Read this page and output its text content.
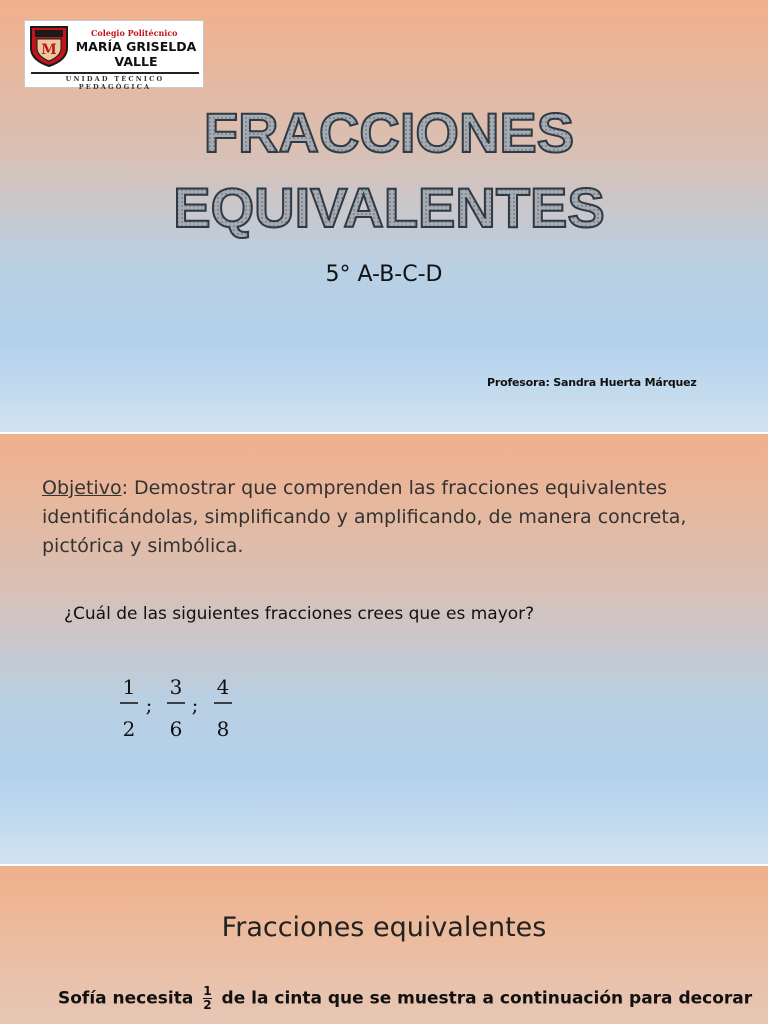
M
Colegio Politécnico
MARÍA GRISELDA
VALLE
UNIDAD TÉCNICO PEDAGÓGICA
FRACCIONES
EQUIVALENTES
5° A-B-C-D
Profesora: Sandra Huerta Márquez
Objetivo: Demostrar que comprenden las fracciones equivalentes identificándolas, simplificando y amplificando, de manera concreta, pictórica y simbólica.
¿Cuál de las siguientes fracciones crees que es mayor?
1
2
;
3
6
;
4
8
Fracciones equivalentes
Sofía necesita $\frac{1}{2}$ de la cinta que se muestra a continuación para decorar
